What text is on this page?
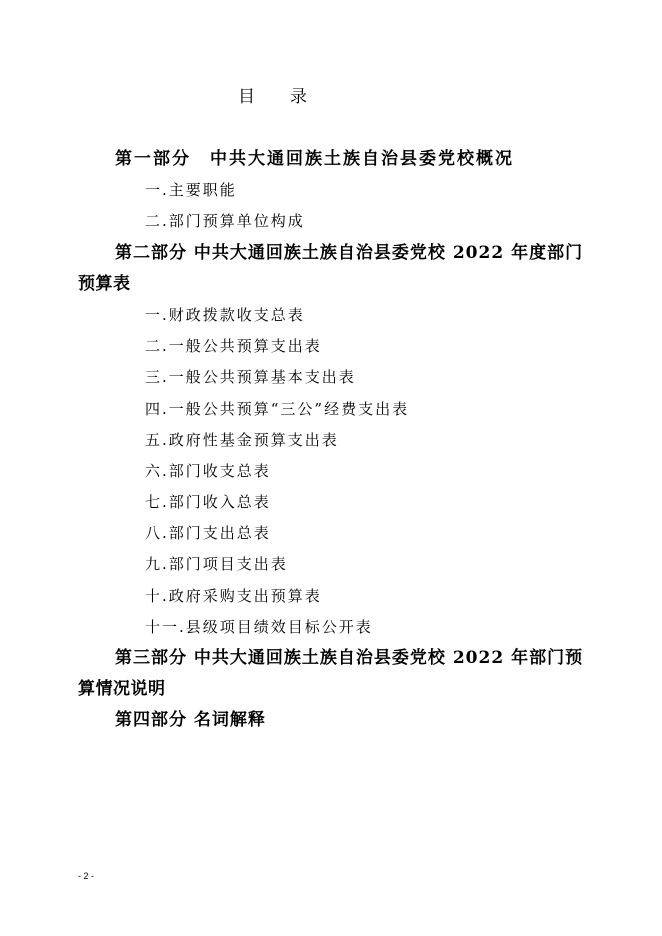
目　录
第一部分　中共大通回族土族自治县委党校概况
一.主要职能
二.部门预算单位构成
第二部分 中共大通回族土族自治县委党校 2022 年度部门
预算表
一.财政拨款收支总表
二.一般公共预算支出表
三.一般公共预算基本支出表
四.一般公共预算“三公”经费支出表
五.政府性基金预算支出表
六.部门收支总表
七.部门收入总表
八.部门支出总表
九.部门项目支出表
十.政府采购支出预算表
十一.县级项目绩效目标公开表
第三部分 中共大通回族土族自治县委党校 2022 年部门预
算情况说明
第四部分 名词解释
- 2 -
